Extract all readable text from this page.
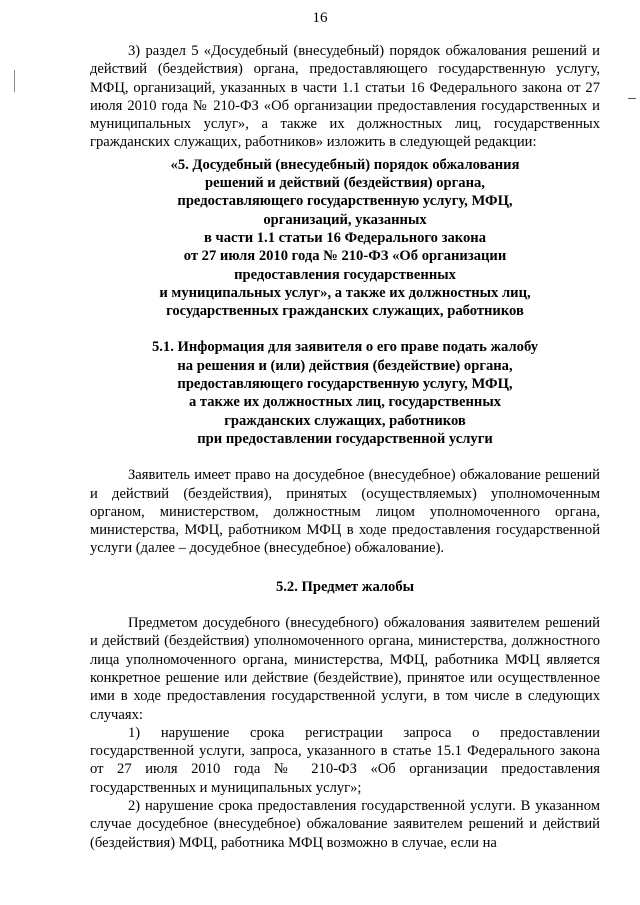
16

3) раздел 5 «Досудебный (внесудебный) порядок обжалования решений и действий (бездействия) органа, предоставляющего государственную услугу, МФЦ, организаций, указанных в части 1.1 статьи 16 Федерального закона от 27 июля 2010 года № 210-ФЗ «Об организации предоставления государственных и муниципальных услуг», а также их должностных лиц, государственных гражданских служащих, работников» изложить в следующей редакции:

«5. Досудебный (внесудебный) порядок обжалования
решений и действий (бездействия) органа,
предоставляющего государственную услугу, МФЦ,
организаций, указанных
в части 1.1 статьи 16 Федерального закона
от 27 июля 2010 года № 210-ФЗ «Об организации
предоставления государственных
и муниципальных услуг», а также их должностных лиц,
государственных гражданских служащих, работников
5.1. Информация для заявителя о его праве подать жалобу
на решения и (или) действия (бездействие) органа,
предоставляющего государственную услугу, МФЦ,
а также их должностных лиц, государственных
гражданских служащих, работников
при предоставлении государственной услуги

Заявитель имеет право на досудебное (внесудебное) обжалование решений и действий (бездействия), принятых (осуществляемых) уполномоченным органом, министерством, должностным лицом уполномоченного органа, министерства, МФЦ, работником МФЦ в ходе предоставления государственной услуги (далее – досудебное (внесудебное) обжалование).

5.2. Предмет жалобы

Предметом досудебного (внесудебного) обжалования заявителем решений и действий (бездействия) уполномоченного органа, министерства, должностного лица уполномоченного органа, министерства, МФЦ, работника МФЦ является конкретное решение или действие (бездействие), принятое или осуществленное ими в ходе предоставления государственной услуги, в том числе в следующих случаях:

1) нарушение срока регистрации запроса о предоставлении государственной услуги, запроса, указанного в статье 15.1 Федерального закона от 27 июля 2010 года № 210-ФЗ «Об организации предоставления государственных и муниципальных услуг»;

2) нарушение срока предоставления государственной услуги. В указанном случае досудебное (внесудебное) обжалование заявителем решений и действий (бездействия) МФЦ, работника МФЦ возможно в случае, если на
